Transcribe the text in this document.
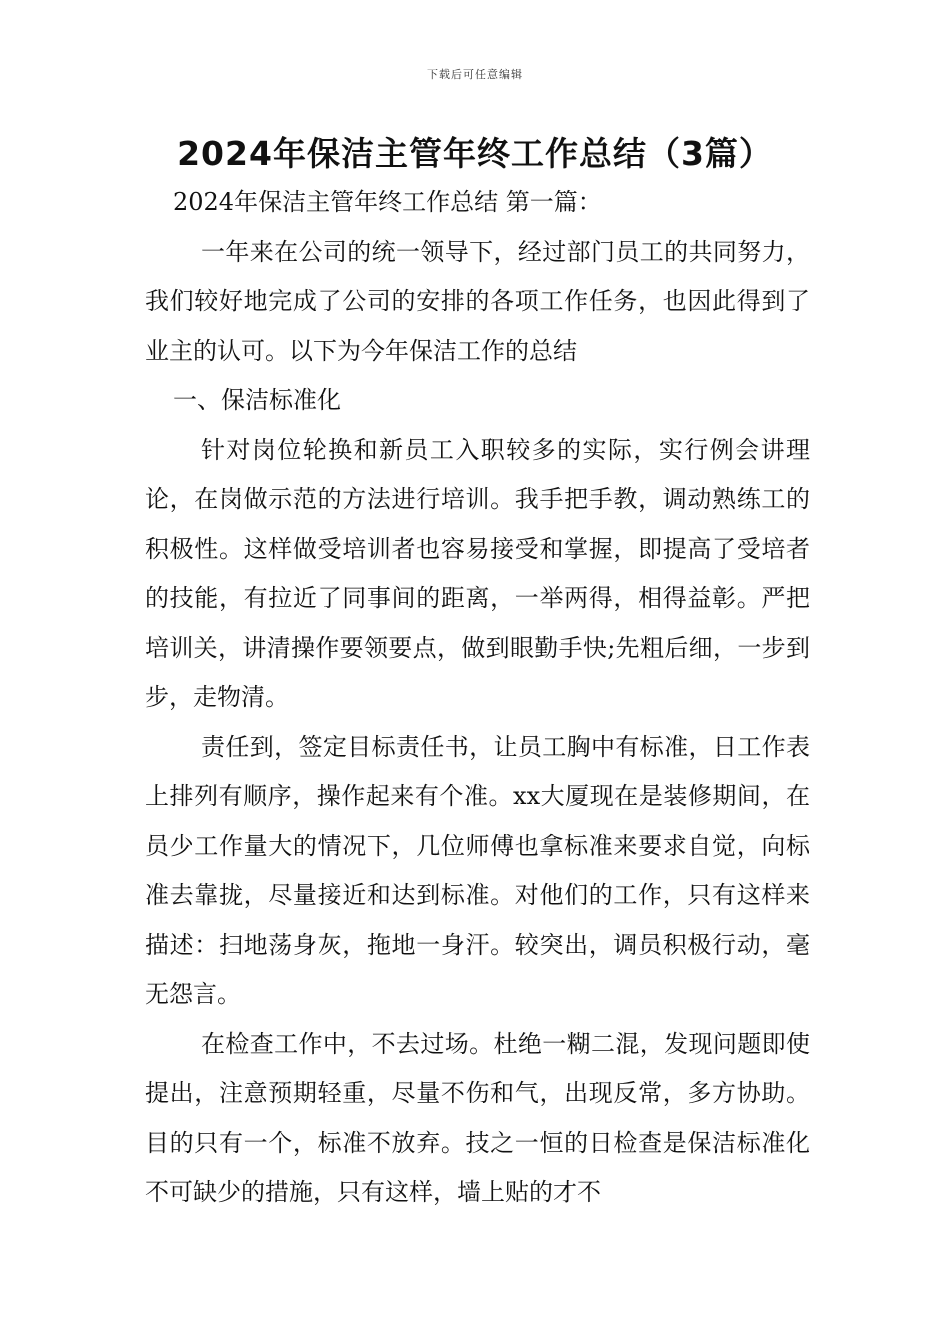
下载后可任意编辑
2024年保洁主管年终工作总结（3篇）

2024年保洁主管年终工作总结 第一篇：

一年来在公司的统一领导下，经过部门员工的共同努力，我们较好地完成了公司的安排的各项工作任务，也因此得到了业主的认可。以下为今年保洁工作的总结

一、保洁标准化

针对岗位轮换和新员工入职较多的实际，实行例会讲理论，在岗做示范的方法进行培训。我手把手教，调动熟练工的积极性。这样做受培训者也容易接受和掌握，即提高了受培者的技能，有拉近了同事间的距离，一举两得，相得益彰。严把培训关，讲清操作要领要点，做到眼勤手快;先粗后细，一步到步，走物清。

责任到，签定目标责任书，让员工胸中有标准，日工作表上排列有顺序，操作起来有个准。xx大厦现在是装修期间，在员少工作量大的情况下，几位师傅也拿标准来要求自觉，向标准去靠拢，尽量接近和达到标准。对他们的工作，只有这样来描述：扫地荡身灰，拖地一身汗。较突出，调员积极行动，毫无怨言。

在检查工作中，不去过场。杜绝一糊二混，发现问题即使提出，注意预期轻重，尽量不伤和气，出现反常，多方协助。目的只有一个，标准不放弃。技之一恒的日检查是保洁标准化不可缺少的措施，只有这样，墙上贴的才不
